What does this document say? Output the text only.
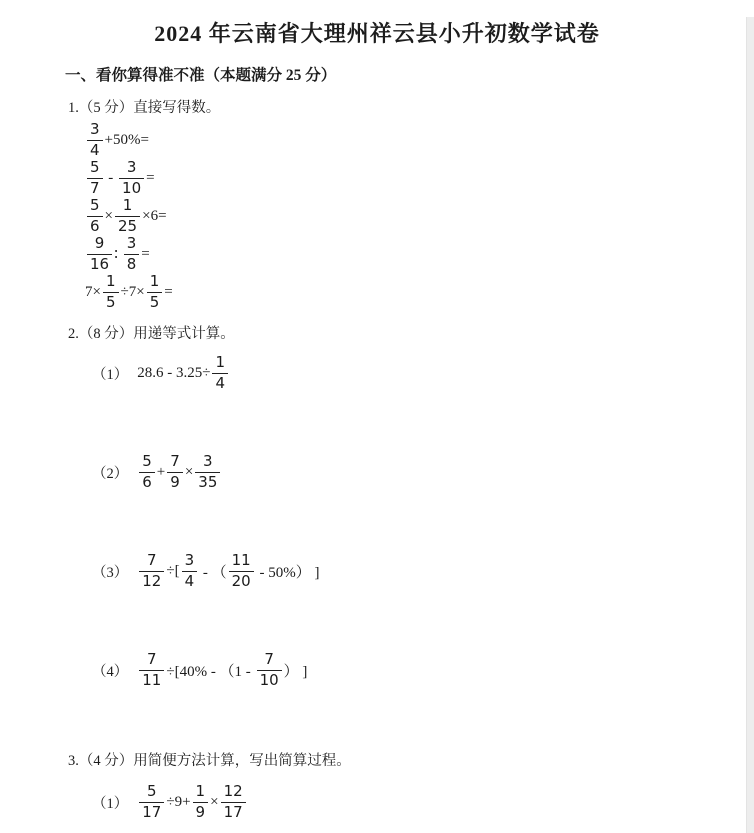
2024 年云南省大理州祥云县小升初数学试卷
一、看你算得准不准（本题满分 25 分）
1.（5 分）直接写得数。
$\frac{3}{4} +50\%=$
$\frac{5}{7} - \frac{3}{10}$ =
$\frac{5}{6} \times \frac{1}{25} \times 6=$
$\frac{9}{16}$ ∶ $\frac{3}{8}$ =
$7\times \frac{1}{5} \div 7\times \frac{1}{5}$ =
2.（8 分）用递等式计算。
（1） $28.6 - 3.25\div \frac{1}{4}$
$(2) \frac{5}{6} + \frac{7}{9} \times \frac{3}{35}$
$(3) \frac{7}{12}$ ÷[ $\frac{3}{4}$ - （ $\frac{11}{20} - 50\%$） ]
$(4) \frac{7}{11} \div[40\% - (1 - \frac{7}{10}$ ） ]
3.（4 分）用简便方法计算，写出简算过程。
$(1) \frac{5}{17} \div 9+ \frac{1}{9} \times \frac{12}{17}$
